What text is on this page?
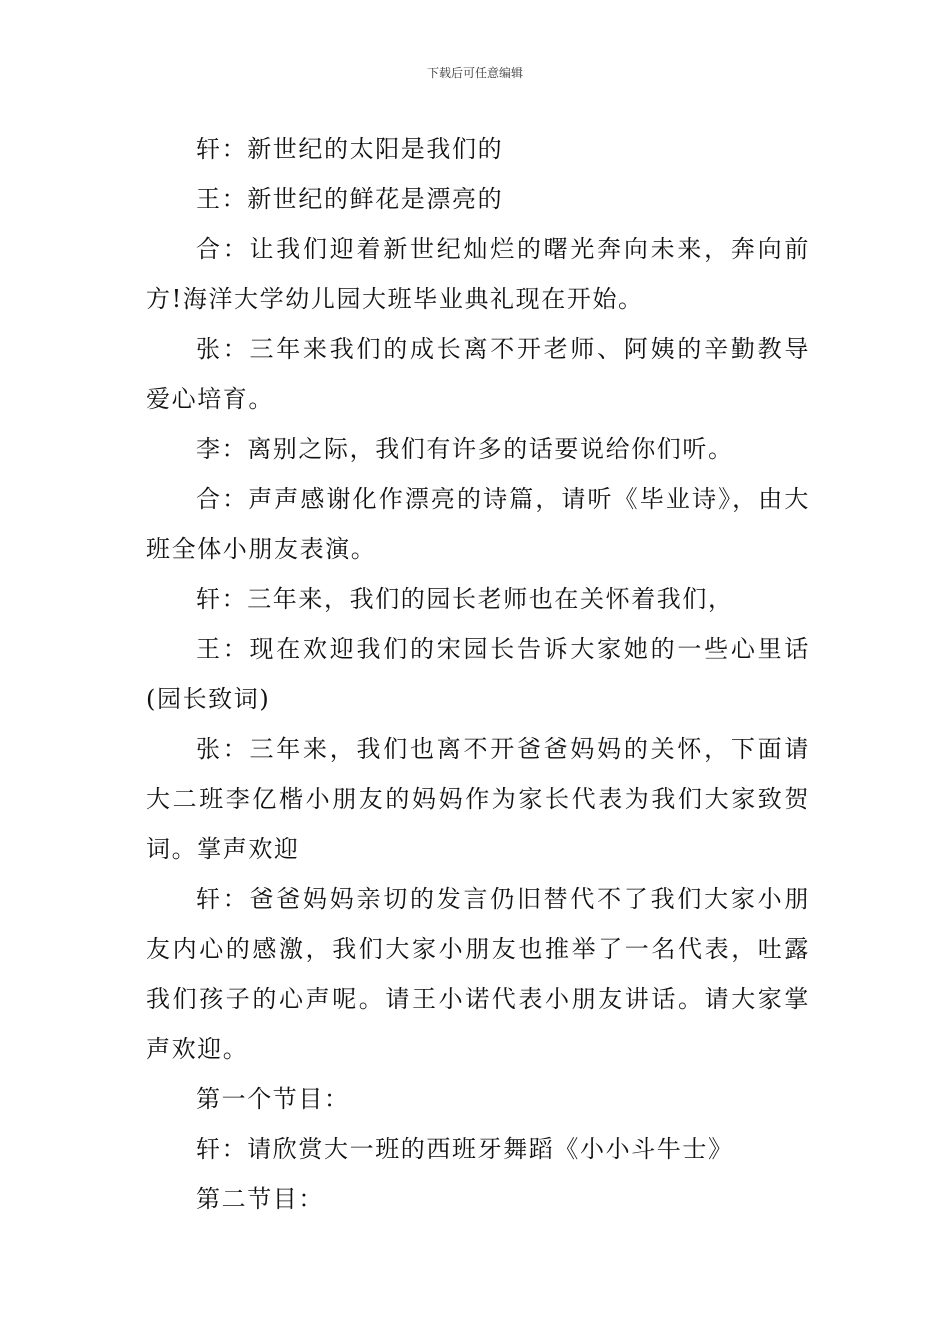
下载后可任意编辑

轩：新世纪的太阳是我们的

王：新世纪的鲜花是漂亮的

合：让我们迎着新世纪灿烂的曙光奔向未来，奔向前方!海洋大学幼儿园大班毕业典礼现在开始。

张：三年来我们的成长离不开老师、阿姨的辛勤教导爱心培育。

李：离别之际，我们有许多的话要说给你们听。

合：声声感谢化作漂亮的诗篇，请听《毕业诗》，由大班全体小朋友表演。

轩：三年来，我们的园长老师也在关怀着我们，

王：现在欢迎我们的宋园长告诉大家她的一些心里话(园长致词)

张：三年来，我们也离不开爸爸妈妈的关怀，下面请大二班李亿楷小朋友的妈妈作为家长代表为我们大家致贺词。掌声欢迎

轩：爸爸妈妈亲切的发言仍旧替代不了我们大家小朋友内心的感激，我们大家小朋友也推举了一名代表，吐露我们孩子的心声呢。请王小诺代表小朋友讲话。请大家掌声欢迎。

第一个节目：

轩：请欣赏大一班的西班牙舞蹈《小小斗牛士》

第二节目：
